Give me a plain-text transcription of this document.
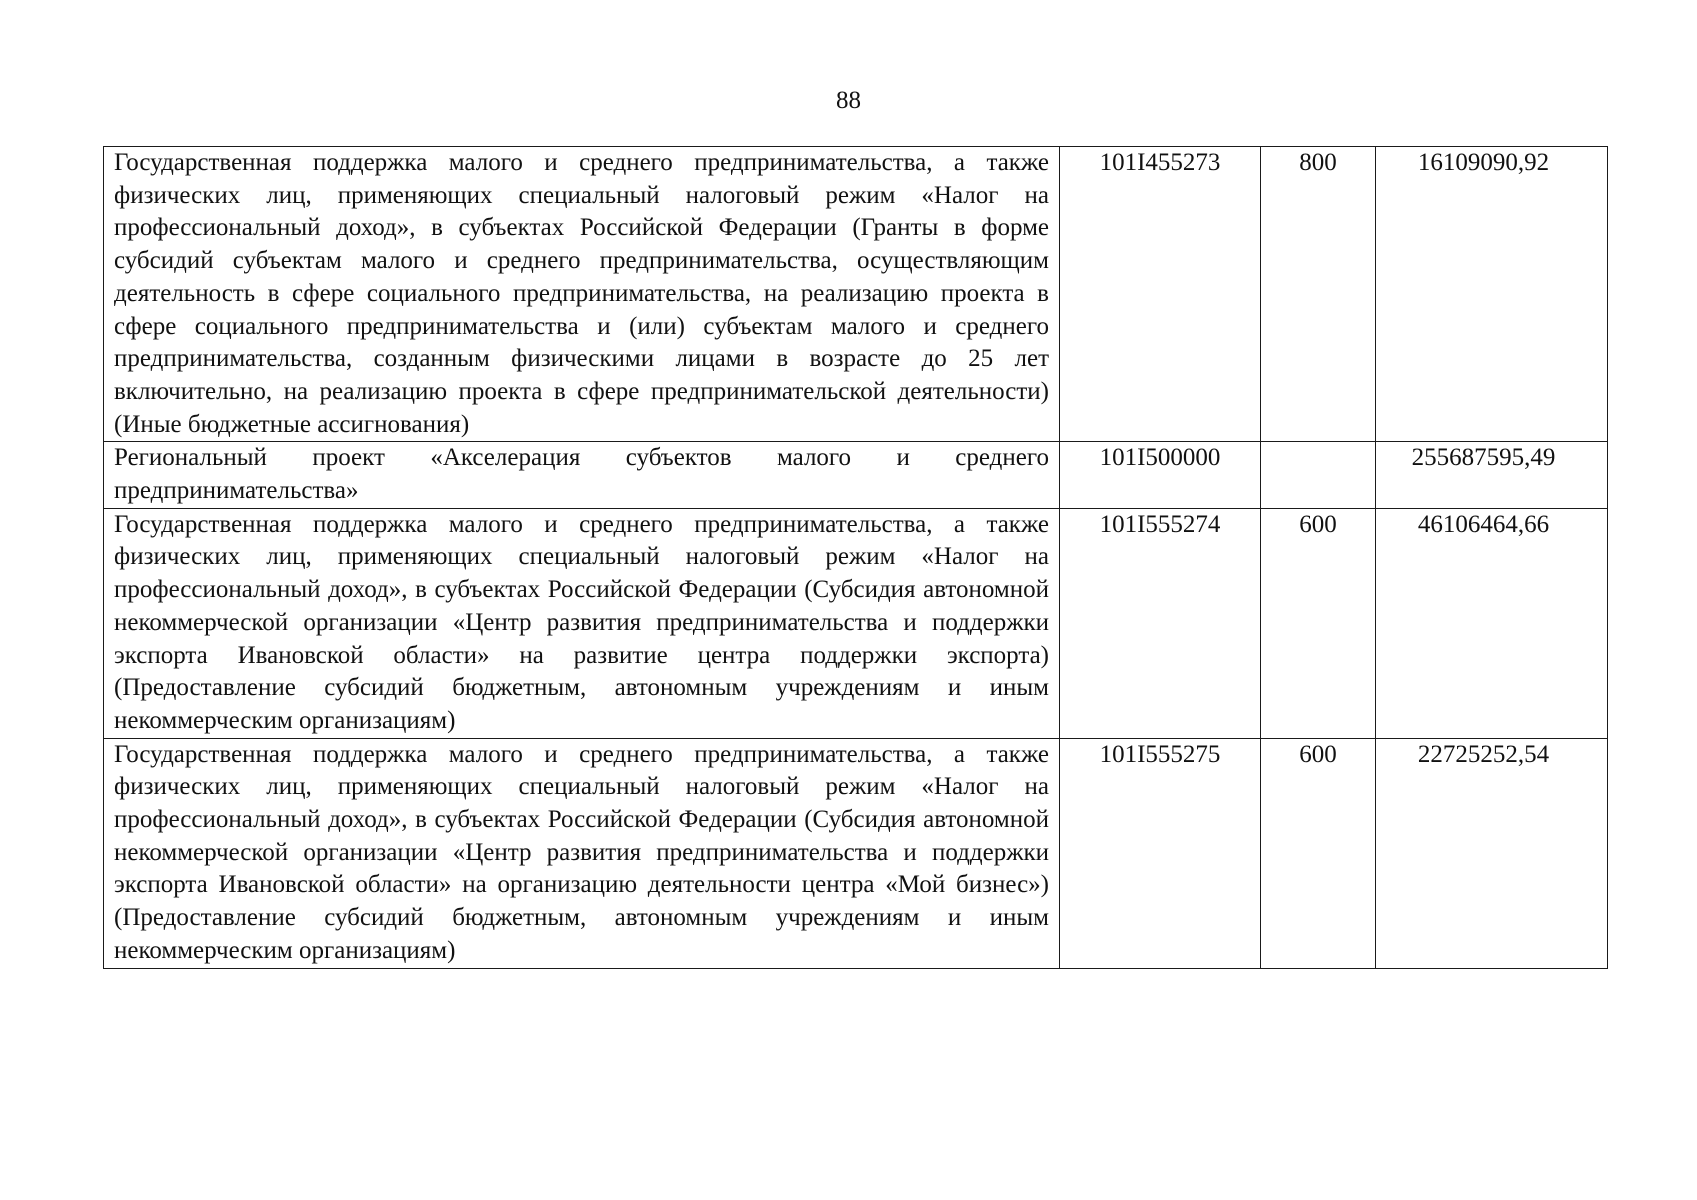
88
Государственная поддержка малого и среднего предпринимательства, а также физических лиц, применяющих специальный налоговый режим «Налог на профессиональный доход», в субъектах Российской Федерации (Гранты в форме субсидий субъектам малого и среднего предпринимательства, осуществляющим деятельность в сфере социального предпринимательства, на реализацию проекта в сфере социального предпринимательства и (или) субъектам малого и среднего предпринимательства, созданным физическими лицами в возрасте до 25 лет включительно, на реализацию проекта в сфере предпринимательской деятельности) (Иные бюджетные ассигнования)	101I455273	800	16109090,92
Региональный проект «Акселерация субъектов малого и среднего предпринимательства»	101I500000		255687595,49
Государственная поддержка малого и среднего предпринимательства, а также физических лиц, применяющих специальный налоговый режим «Налог на профессиональный доход», в субъектах Российской Федерации (Субсидия автономной некоммерческой организации «Центр развития предпринимательства и поддержки экспорта Ивановской области» на развитие центра поддержки экспорта) (Предоставление субсидий бюджетным, автономным учреждениям и иным некоммерческим организациям)	101I555274	600	46106464,66
Государственная поддержка малого и среднего предпринимательства, а также физических лиц, применяющих специальный налоговый режим «Налог на профессиональный доход», в субъектах Российской Федерации (Субсидия автономной некоммерческой организации «Центр развития предпринимательства и поддержки экспорта Ивановской области» на организацию деятельности центра «Мой бизнес») (Предоставление субсидий бюджетным, автономным учреждениям и иным некоммерческим организациям)	101I555275	600	22725252,54
